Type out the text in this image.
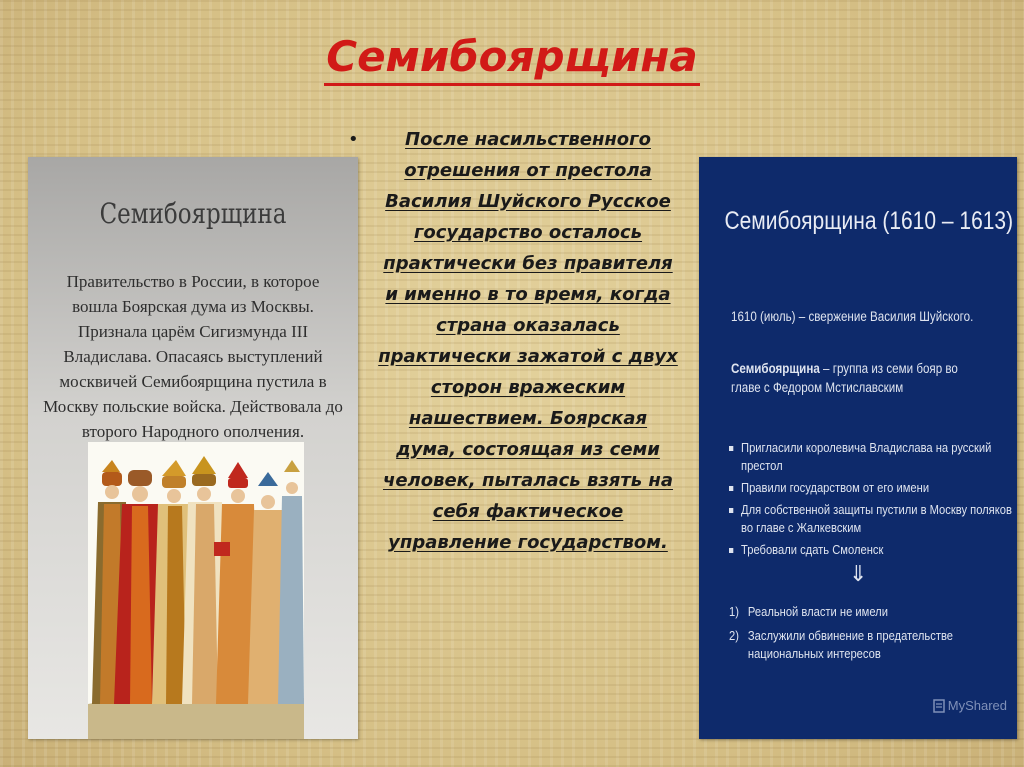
Семибоярщина
Семибоярщина
Правительство в России, в которое вошла Боярская дума из Москвы. Признала царём Сигизмунда III Владислава. Опасаясь выступлений москвичей Семибоярщина пустила в Москву польские войска. Действовала до второго Народного ополчения.
•	После насильственного отрешения от престола Василия Шуйского Русское государство осталось практически без правителя и именно в то время, когда страна оказалась практически зажатой с двух сторон вражеским нашествием. Боярская дума, состоящая из семи человек, пыталась взять на себя фактическое управление государством.
Семибоярщина (1610 – 1613)
1610 (июль) – свержение Василия Шуйского.
Семибоярщина – группа из семи бояр во главе с Федором Мстиславским
Пригласили королевича Владислава на русский престол
Правили государством от его имени
Для собственной защиты пустили в Москву поляков во главе с Жалкевским
Требовали сдать Смоленск
⇓
1) Реальной власти не имели
2) Заслужили обвинение в предательстве национальных интересов
MyShared
